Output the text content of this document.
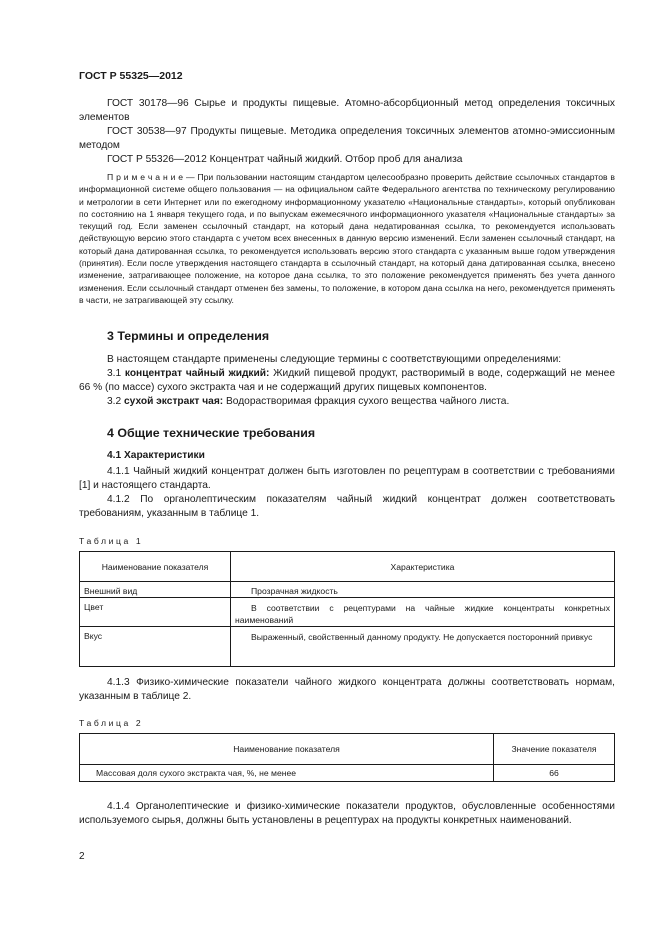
ГОСТ Р 55325—2012
ГОСТ 30178—96 Сырье и продукты пищевые. Атомно-абсорбционный метод определения токсичных элементов
ГОСТ 30538—97 Продукты пищевые. Методика определения токсичных элементов атомно-эмиссионным методом
ГОСТ Р 55326—2012 Концентрат чайный жидкий. Отбор проб для анализа
П р и м е ч а н и е — При пользовании настоящим стандартом целесообразно проверить действие ссылочных стандартов в информационной системе общего пользования — на официальном сайте Федерального агентства по техническому регулированию и метрологии в сети Интернет или по ежегодному информационному указателю «Национальные стандарты», который опубликован по состоянию на 1 января текущего года, и по выпускам ежемесячного информационного указателя «Национальные стандарты» за текущий год. Если заменен ссылочный стандарт, на который дана недатированная ссылка, то рекомендуется использовать действующую версию этого стандарта с учетом всех внесенных в данную версию изменений. Если заменен ссылочный стандарт, на который дана датированная ссылка, то рекомендуется использовать версию этого стандарта с указанным выше годом утверждения (принятия). Если после утверждения настоящего стандарта в ссылочный стандарт, на который дана датированная ссылка, внесено изменение, затрагивающее положение, на которое дана ссылка, то это положение рекомендуется применять без учета данного изменения. Если ссылочный стандарт отменен без замены, то положение, в котором дана ссылка на него, рекомендуется применять в части, не затрагивающей эту ссылку.
3 Термины и определения
В настоящем стандарте применены следующие термины с соответствующими определениями:
3.1 концентрат чайный жидкий: Жидкий пищевой продукт, растворимый в воде, содержащий не менее 66 % (по массе) сухого экстракта чая и не содержащий других пищевых компонентов.
3.2 сухой экстракт чая: Водорастворимая фракция сухого вещества чайного листа.
4 Общие технические требования
4.1 Характеристики
4.1.1 Чайный жидкий концентрат должен быть изготовлен по рецептурам в соответствии с требованиями [1] и настоящего стандарта.
4.1.2 По органолептическим показателям чайный жидкий концентрат должен соответствовать требованиям, указанным в таблице 1.
Таблица 1
Наименование показателя	Характеристика
Внешний вид	Прозрачная жидкость
Цвет	В соответствии с рецептурами на чайные жидкие концентраты конкретных наименований
Вкус	Выраженный, свойственный данному продукту. Не допускается посторонний привкус
4.1.3 Физико-химические показатели чайного жидкого концентрата должны соответствовать нормам, указанным в таблице 2.
Таблица 2
Наименование показателя	Значение показателя
Массовая доля сухого экстракта чая, %, не менее	66
4.1.4 Органолептические и физико-химические показатели продуктов, обусловленные особенностями используемого сырья, должны быть установлены в рецептурах на продукты конкретных наименований.
2
